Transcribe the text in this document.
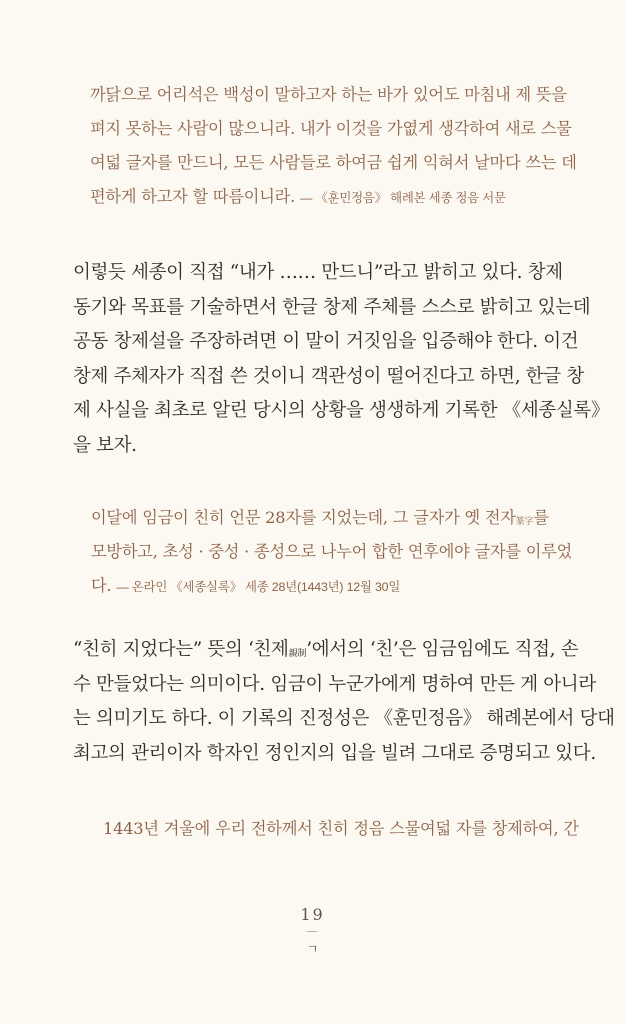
까닭으로 어리석은 백성이 말하고자 하는 바가 있어도 마침내 제 뜻을
펴지 못하는 사람이 많으니라. 내가 이것을 가엾게 생각하여 새로 스물
여덟 글자를 만드니, 모든 사람들로 하여금 쉽게 익혀서 날마다 쓰는 데
편하게 하고자 할 따름이니라. — 《훈민정음》 해례본 세종 정음 서문
이렇듯 세종이 직접 “내가 …… 만드니”라고 밝히고 있다. 창제
동기와 목표를 기술하면서 한글 창제 주체를 스스로 밝히고 있는데
공동 창제설을 주장하려면 이 말이 거짓임을 입증해야 한다. 이건
창제 주체자가 직접 쓴 것이니 객관성이 떨어진다고 하면, 한글 창
제 사실을 최초로 알린 당시의 상황을 생생하게 기록한 《세종실록》
을 보자.
이달에 임금이 친히 언문 28자를 지었는데, 그 글자가 옛 전자篆字를
모방하고, 초성 · 중성 · 종성으로 나누어 합한 연후에야 글자를 이루었
다. — 온라인 《세종실록》 세종 28년(1443년) 12월 30일
“친히 지었다는” 뜻의 ‘친제親制’에서의 ‘친’은 임금임에도 직접, 손
수 만들었다는 의미이다. 임금이 누군가에게 명하여 만든 게 아니라
는 의미기도 하다. 이 기록의 진정성은 《훈민정음》 해례본에서 당대
최고의 관리이자 학자인 정인지의 입을 빌려 그대로 증명되고 있다.
1443년 겨울에 우리 전하께서 친히 정음 스물여덟 자를 창제하여, 간
19
ㄱ
